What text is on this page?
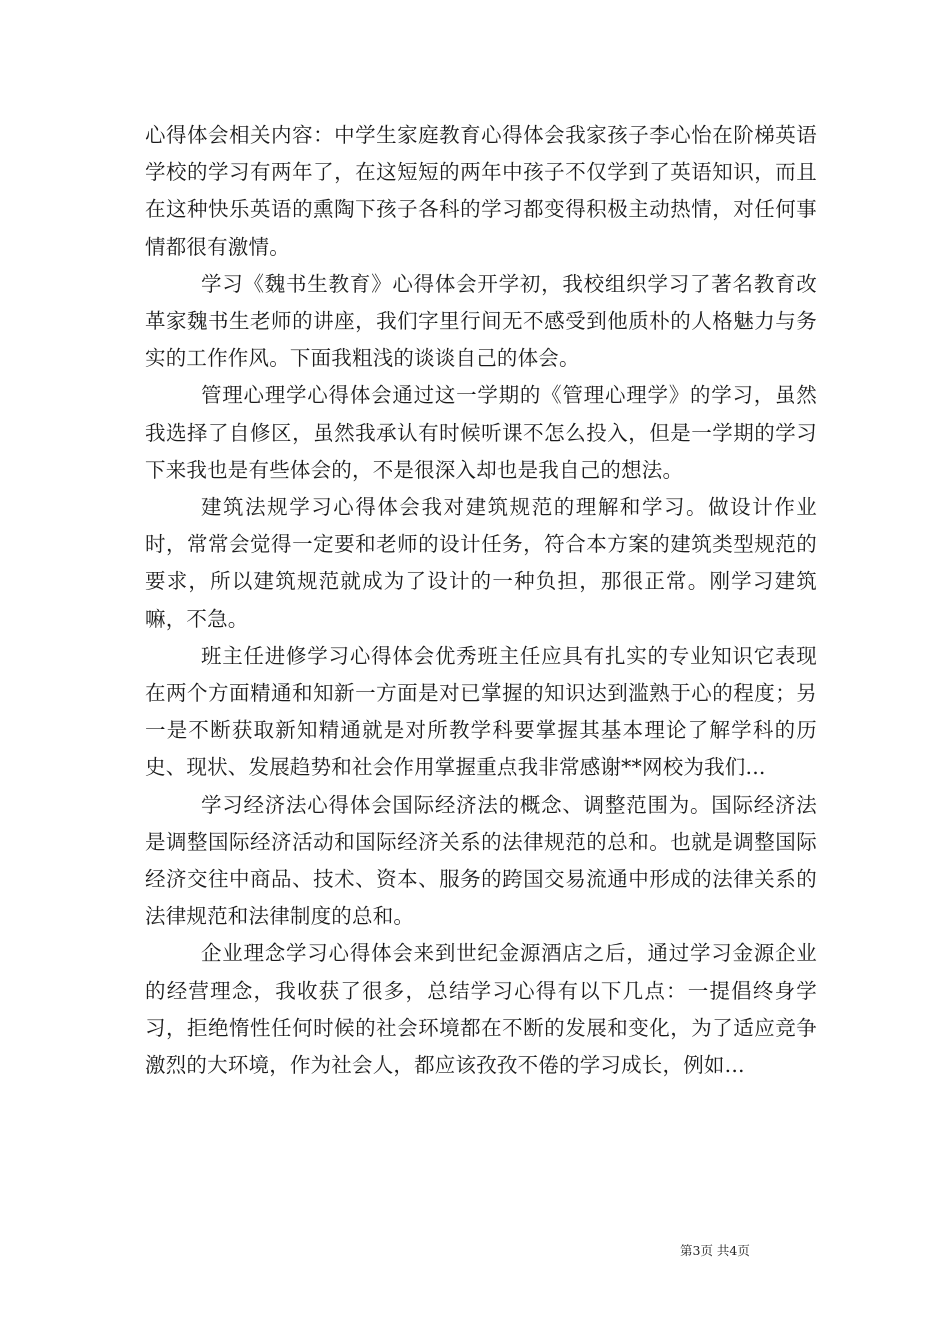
心得体会相关内容：中学生家庭教育心得体会我家孩子李心怡在阶梯英语学校的学习有两年了，在这短短的两年中孩子不仅学到了英语知识，而且在这种快乐英语的熏陶下孩子各科的学习都变得积极主动热情，对任何事情都很有激情。

学习《魏书生教育》心得体会开学初，我校组织学习了著名教育改革家魏书生老师的讲座，我们字里行间无不感受到他质朴的人格魅力与务实的工作作风。下面我粗浅的谈谈自己的体会。

管理心理学心得体会通过这一学期的《管理心理学》的学习，虽然我选择了自修区，虽然我承认有时候听课不怎么投入，但是一学期的学习下来我也是有些体会的，不是很深入却也是我自己的想法。

建筑法规学习心得体会我对建筑规范的理解和学习。做设计作业时，常常会觉得一定要和老师的设计任务，符合本方案的建筑类型规范的要求，所以建筑规范就成为了设计的一种负担，那很正常。刚学习建筑嘛，不急。

班主任进修学习心得体会优秀班主任应具有扎实的专业知识它表现在两个方面精通和知新一方面是对已掌握的知识达到滥熟于心的程度；另一是不断获取新知精通就是对所教学科要掌握其基本理论了解学科的历史、现状、发展趋势和社会作用掌握重点我非常感谢**网校为我们...

学习经济法心得体会国际经济法的概念、调整范围为。国际经济法是调整国际经济活动和国际经济关系的法律规范的总和。也就是调整国际经济交往中商品、技术、资本、服务的跨国交易流通中形成的法律关系的法律规范和法律制度的总和。

企业理念学习心得体会来到世纪金源酒店之后，通过学习金源企业的经营理念，我收获了很多，总结学习心得有以下几点：一提倡终身学习，拒绝惰性任何时候的社会环境都在不断的发展和变化，为了适应竞争激烈的大环境，作为社会人，都应该孜孜不倦的学习成长，例如...

第3页 共4页
